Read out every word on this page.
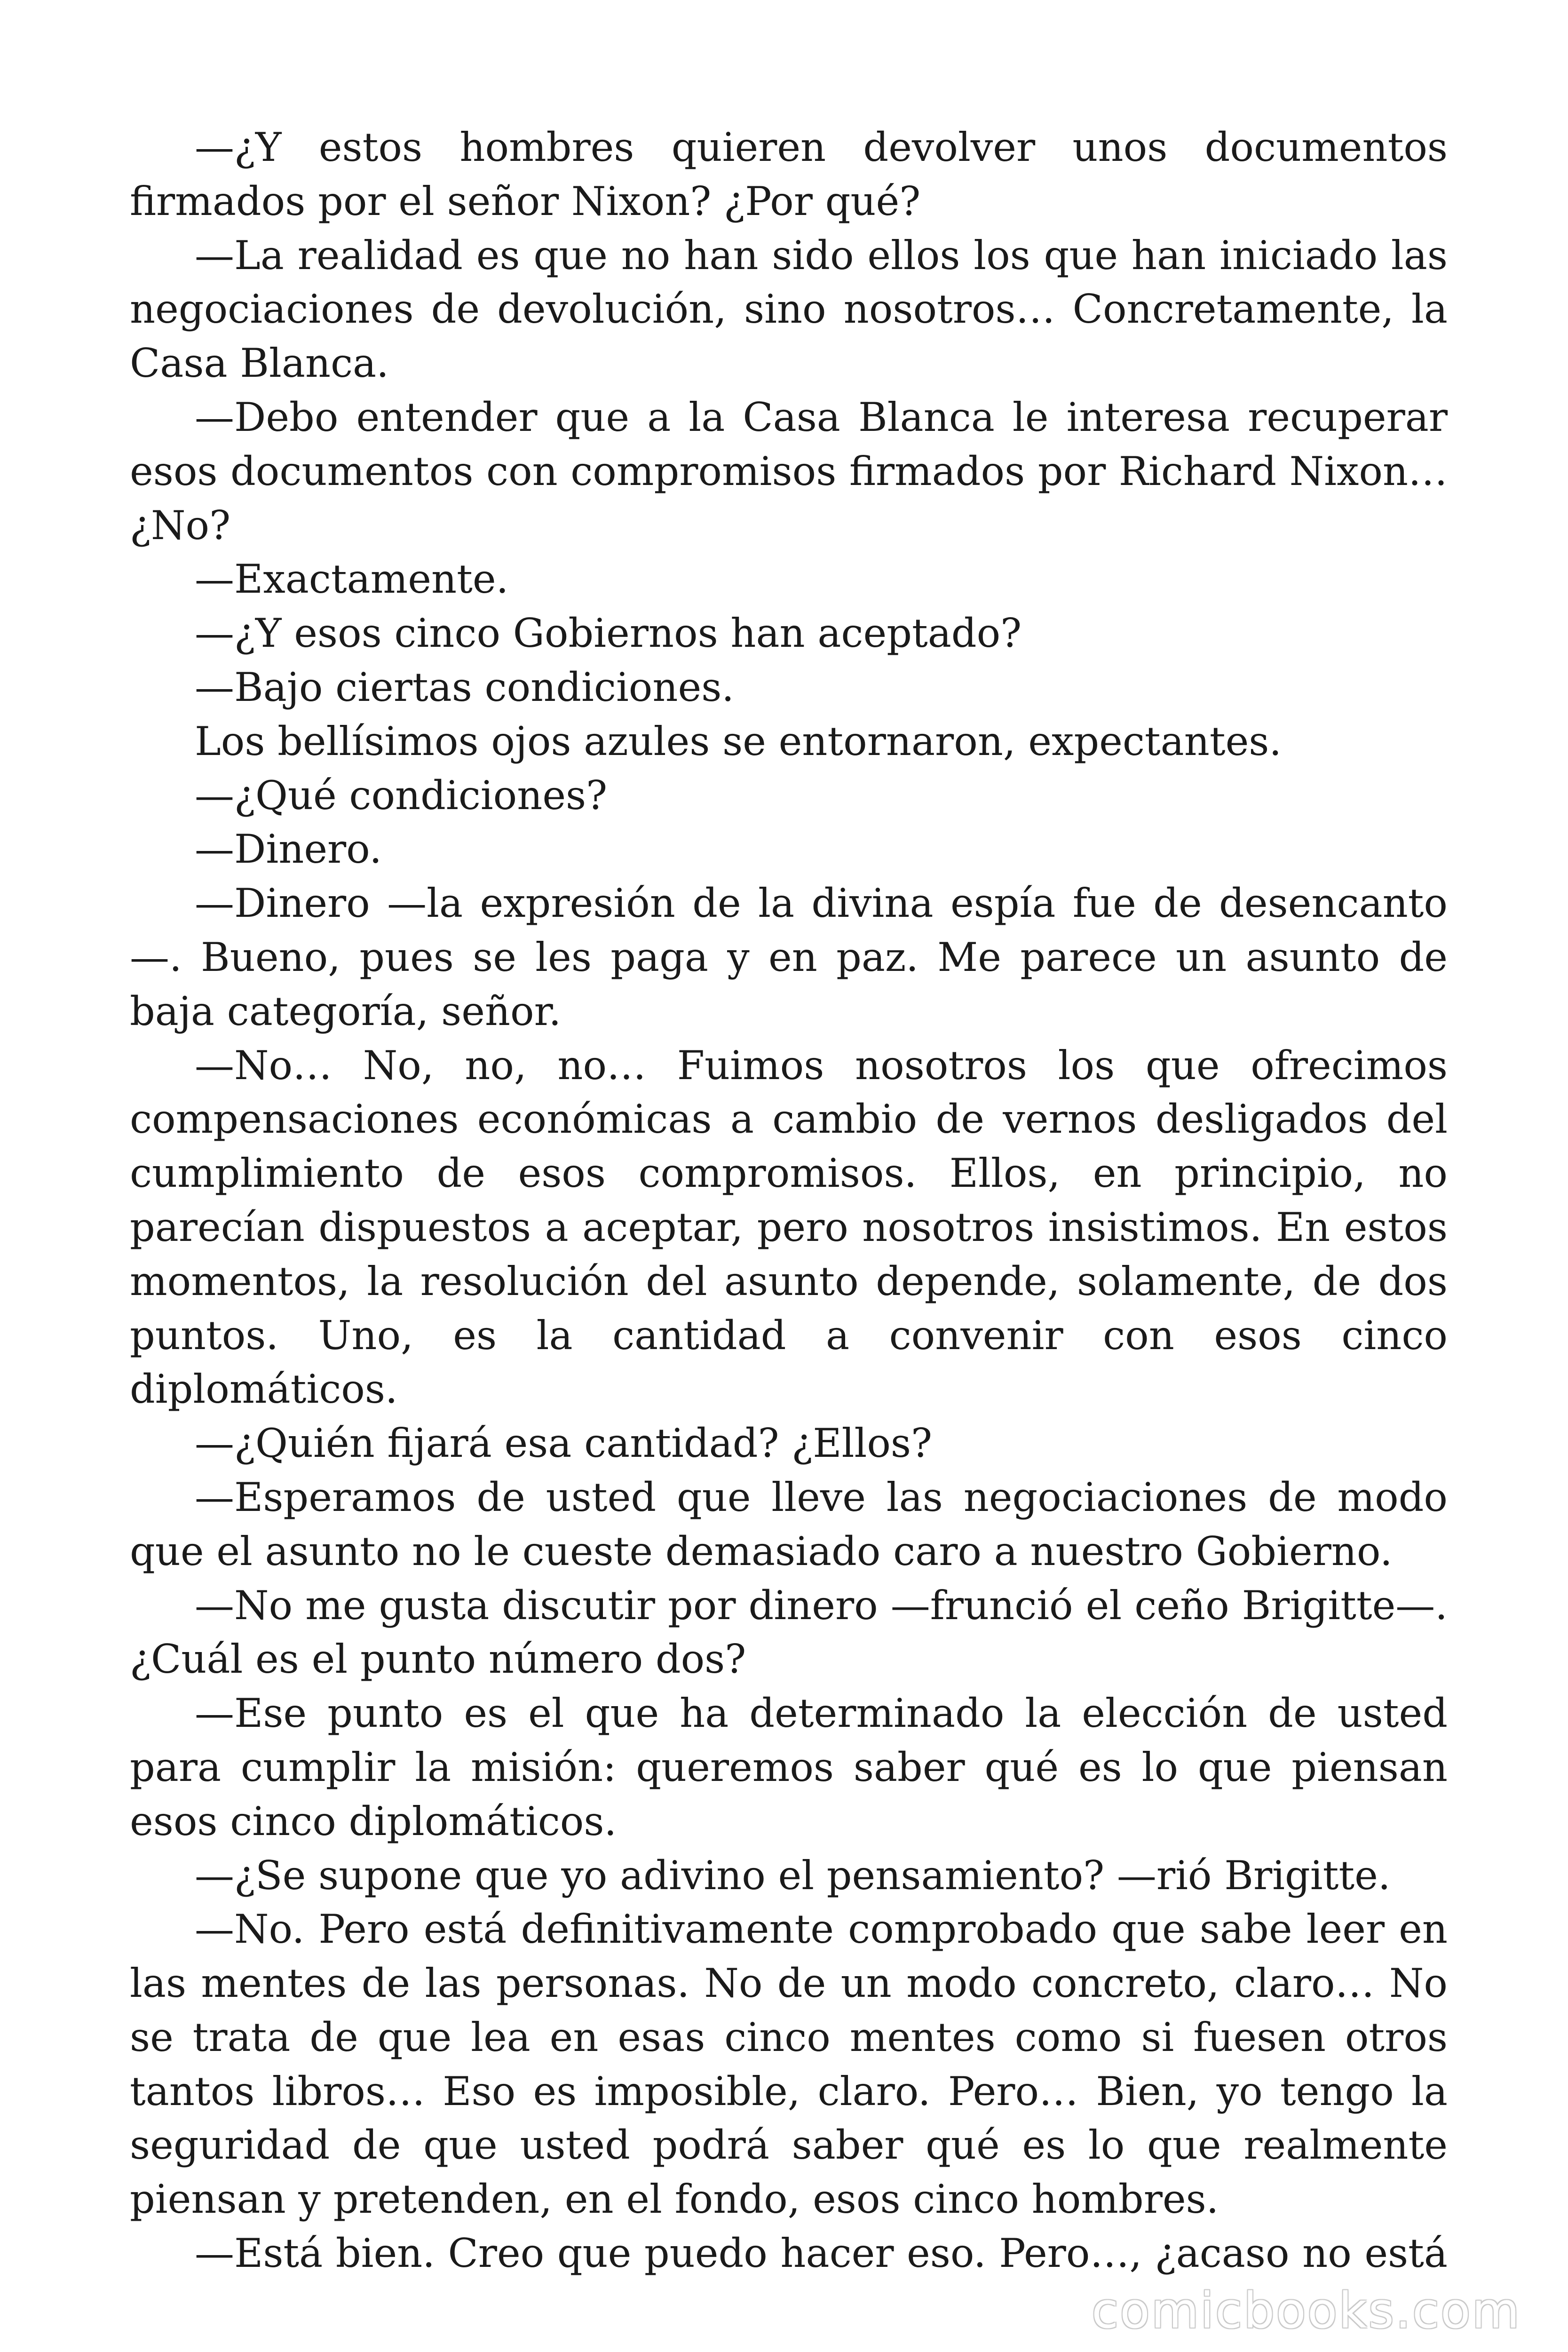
—¿Y estos hombres quieren devolver unos documentos firmados por el señor Nixon? ¿Por qué?

—La realidad es que no han sido ellos los que han iniciado las negociaciones de devolución, sino nosotros… Concretamente, la Casa Blanca.

—Debo entender que a la Casa Blanca le interesa recuperar esos documentos con compromisos firmados por Richard Nixon… ¿No?

—Exactamente.

—¿Y esos cinco Gobiernos han aceptado?

—Bajo ciertas condiciones.

Los bellísimos ojos azules se entornaron, expectantes.

—¿Qué condiciones?

—Dinero.

—Dinero —la expresión de la divina espía fue de desencanto—. Bueno, pues se les paga y en paz. Me parece un asunto de baja categoría, señor.

—No… No, no, no… Fuimos nosotros los que ofrecimos compensaciones económicas a cambio de vernos desligados del cumplimiento de esos compromisos. Ellos, en principio, no parecían dispuestos a aceptar, pero nosotros insistimos. En estos momentos, la resolución del asunto depende, solamente, de dos puntos. Uno, es la cantidad a convenir con esos cinco diplomáticos.

—¿Quién fijará esa cantidad? ¿Ellos?

—Esperamos de usted que lleve las negociaciones de modo que el asunto no le cueste demasiado caro a nuestro Gobierno.

—No me gusta discutir por dinero —frunció el ceño Brigitte—. ¿Cuál es el punto número dos?

—Ese punto es el que ha determinado la elección de usted para cumplir la misión: queremos saber qué es lo que piensan esos cinco diplomáticos.

—¿Se supone que yo adivino el pensamiento? —rió Brigitte.

—No. Pero está definitivamente comprobado que sabe leer en las mentes de las personas. No de un modo concreto, claro… No se trata de que lea en esas cinco mentes como si fuesen otros tantos libros… Eso es imposible, claro. Pero… Bien, yo tengo la seguridad de que usted podrá saber qué es lo que realmente piensan y pretenden, en el fondo, esos cinco hombres.

—Está bien. Creo que puedo hacer eso. Pero…, ¿acaso no está

comicbooks.com
